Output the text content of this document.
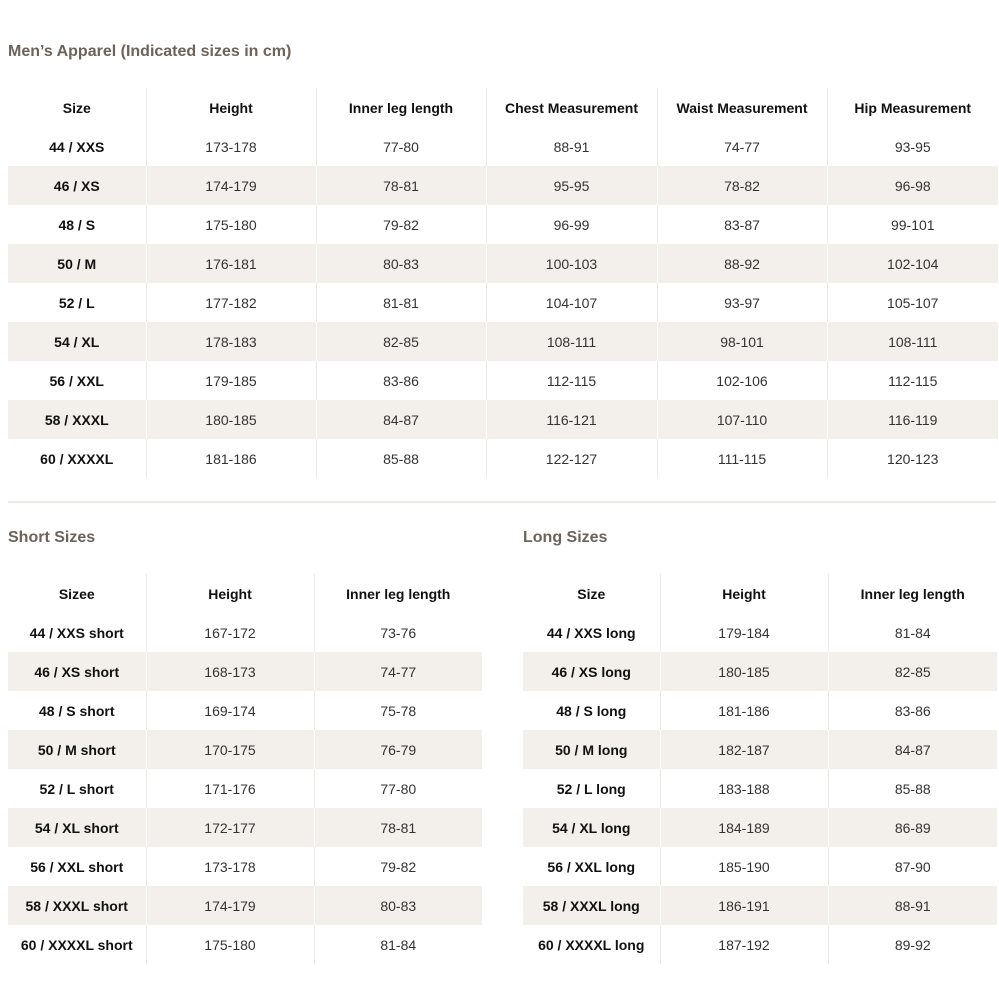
Men’s Apparel (Indicated sizes in cm)
Size	Height	Inner leg length	Chest Measurement	Waist Measurement	Hip Measurement
44 / XXS	173-178	77-80	88-91	74-77	93-95
46 / XS	174-179	78-81	95-95	78-82	96-98
48 / S	175-180	79-82	96-99	83-87	99-101
50 / M	176-181	80-83	100-103	88-92	102-104
52 / L	177-182	81-81	104-107	93-97	105-107
54 / XL	178-183	82-85	108-111	98-101	108-111
56 / XXL	179-185	83-86	112-115	102-106	112-115
58 / XXXL	180-185	84-87	116-121	107-110	116-119
60 / XXXXL	181-186	85-88	122-127	111-115	120-123
Short Sizes
Sizee	Height	Inner leg length
44 / XXS short	167-172	73-76
46 / XS short	168-173	74-77
48 / S short	169-174	75-78
50 / M short	170-175	76-79
52 / L short	171-176	77-80
54 / XL short	172-177	78-81
56 / XXL short	173-178	79-82
58 / XXXL short	174-179	80-83
60 / XXXXL short	175-180	81-84
Long Sizes
Size	Height	Inner leg length
44 / XXS long	179-184	81-84
46 / XS long	180-185	82-85
48 / S long	181-186	83-86
50 / M long	182-187	84-87
52 / L long	183-188	85-88
54 / XL long	184-189	86-89
56 / XXL long	185-190	87-90
58 / XXXL long	186-191	88-91
60 / XXXXL long	187-192	89-92
